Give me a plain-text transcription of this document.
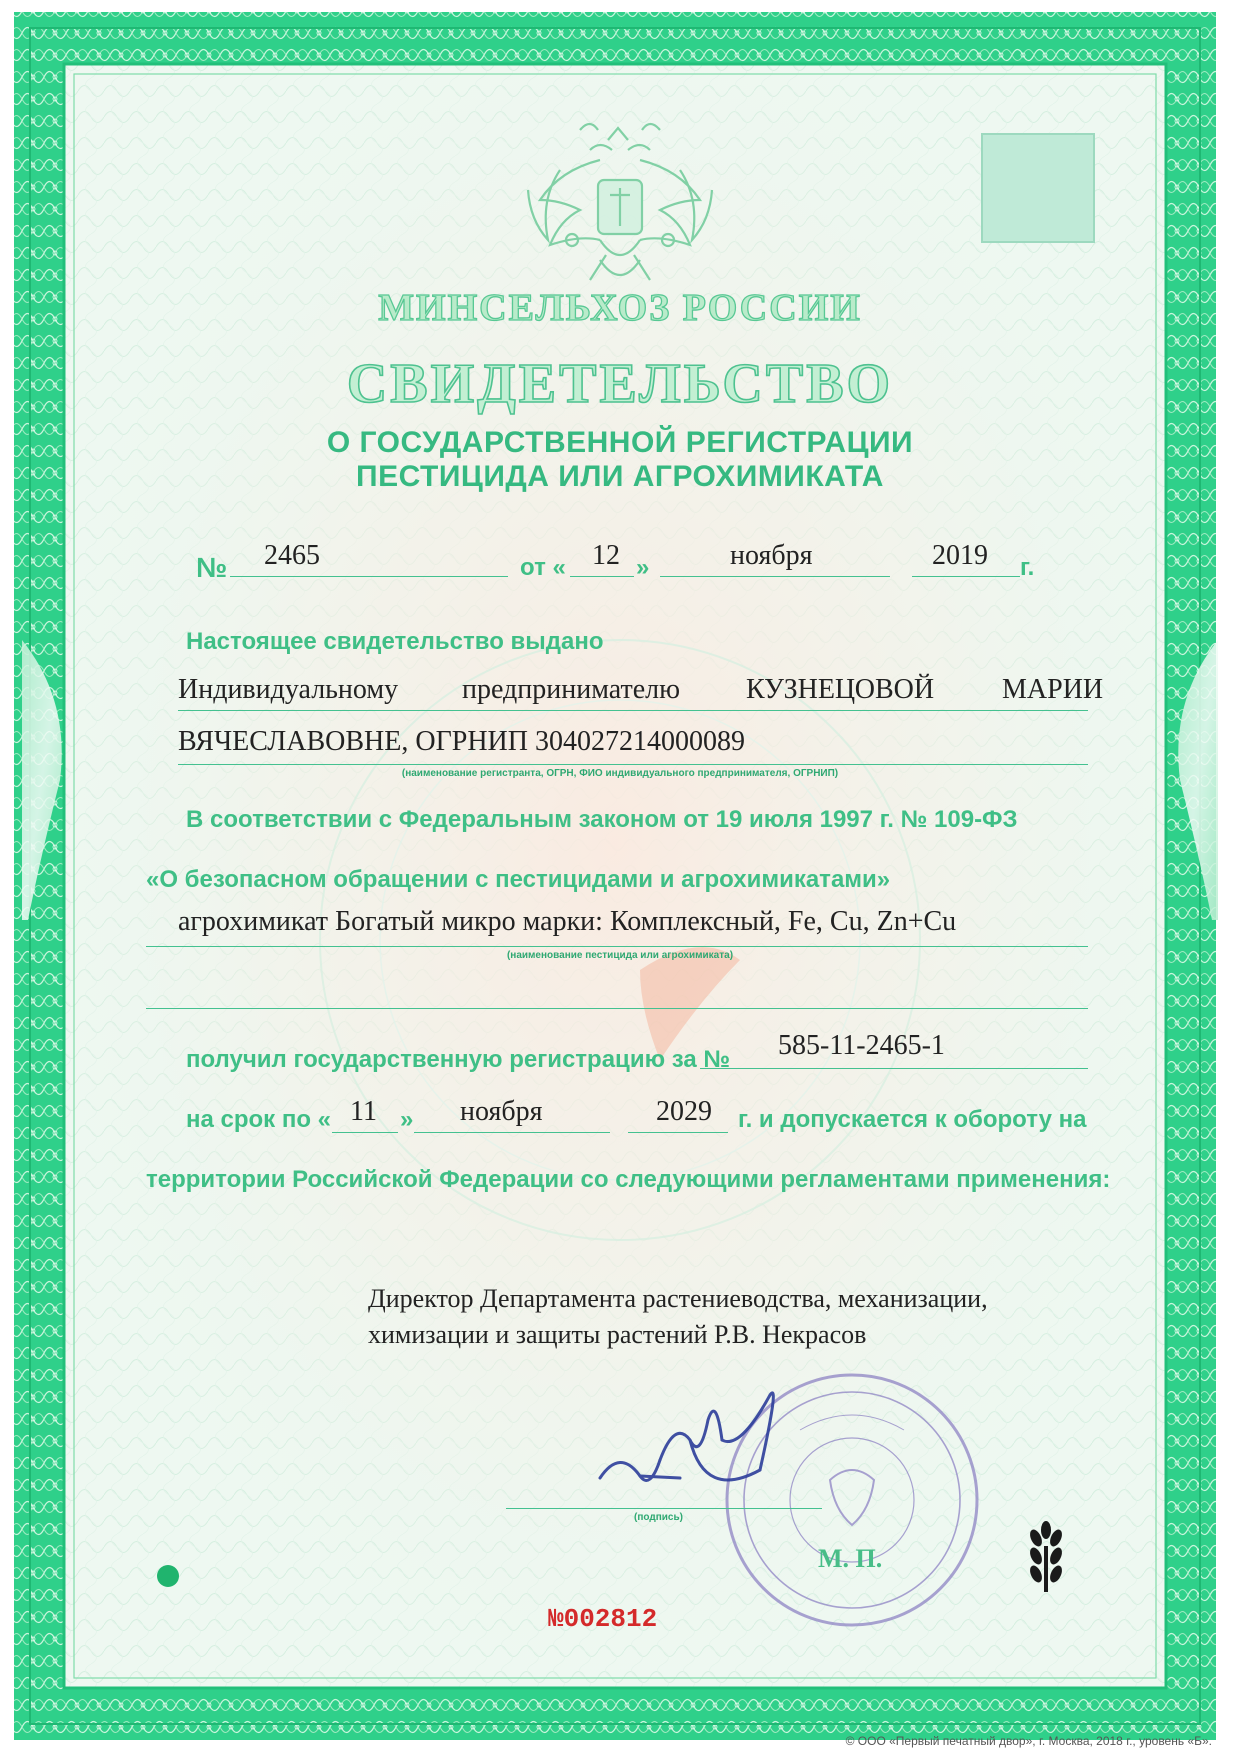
МИНСЕЛЬХОЗ РОССИИ
СВИДЕТЕЛЬСТВО
О ГОСУДАРСТВЕННОЙ РЕГИСТРАЦИИ
ПЕСТИЦИДА ИЛИ АГРОХИМИКАТА
№ 2465	от « 12 »	ноября	2019 г.
Настоящее свидетельство выдано
Индивидуальному предпринимателю КУЗНЕЦОВОЙ МАРИИ
ВЯЧЕСЛАВОВНЕ, ОГРНИП 304027214000089
(наименование регистранта, ОГРН, ФИО индивидуального предпринимателя, ОГРНИП)
В соответствии с Федеральным законом от 19 июля 1997 г. № 109-ФЗ
«О безопасном обращении с пестицидами и агрохимикатами»
агрохимикат Богатый микро марки: Комплексный, Fe, Cu, Zn+Cu
(наименование пестицида или агрохимиката)
получил государственную регистрацию за № 585-11-2465-1
на срок по « 11 » ноября	2029 г. и допускается к обороту на
территории Российской Федерации со следующими регламентами применения:
Директор Департамента растениеводства, механизации,
химизации и защиты растений Р.В. Некрасов
(подпись)
М. П.
№002812
© ООО «Первый печатный двор», г. Москва, 2018 г., уровень «Б».
